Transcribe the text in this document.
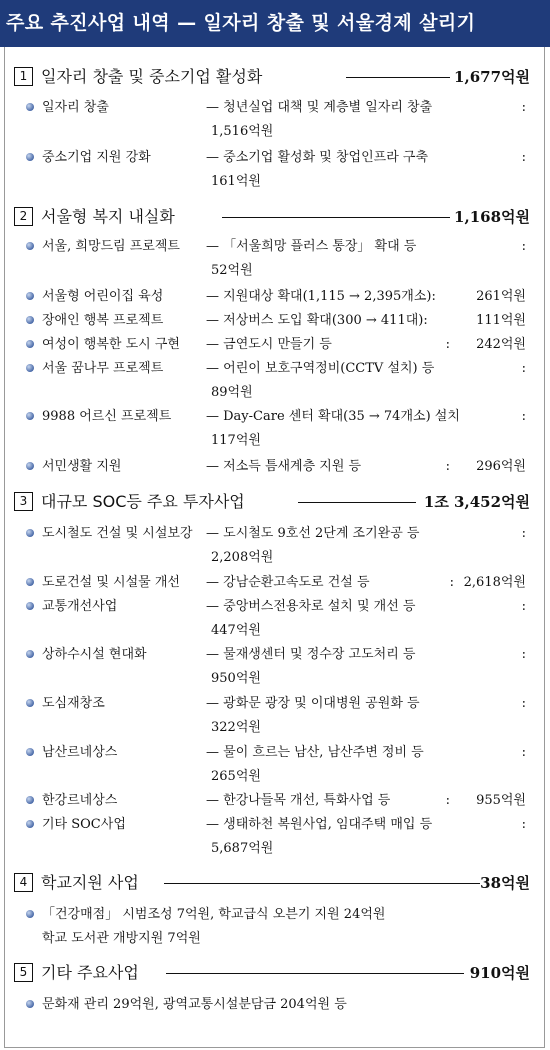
주요 추진사업 내역 — 일자리 창출 및 서울경제 살리기
1 일자리 창출 및 중소기업 활성화	1,677억원
일자리 창출	— 청년실업 대책 및 계층별 일자리 창출	:
1,516억원
중소기업 지원 강화	— 중소기업 활성화 및 창업인프라 구축	:
161억원
2 서울형 복지 내실화	1,168억원
서울, 희망드림 프로젝트 — 「서울희망 플러스 통장」 확대 등	:
52억원
서울형 어린이집 육성	— 지원대상 확대(1,115 → 2,395개소):	261억원
장애인 행복 프로젝트	— 저상버스 도입 확대(300 → 411대):	111억원
여성이 행복한 도시 구현 — 금연도시 만들기 등	: 242억원
서울 꿈나무 프로젝트	— 어린이 보호구역정비(CCTV 설치) 등	:
89억원
9988 어르신 프로젝트	— Day-Care 센터 확대(35 → 74개소) 설치	:
117억원
서민생활 지원	— 저소득 틈새계층 지원 등	: 296억원
3 대규모 SOC등 주요 투자사업	1조 3,452억원
도시철도 건설 및 시설보강 — 도시철도 9호선 2단계 조기완공 등	:
2,208억원
도로건설 및 시설물 개선 — 강남순환고속도로 건설 등	: 2,618억원
교통개선사업	— 중앙버스전용차로 설치 및 개선 등	:
447억원
상하수시설 현대화	— 물재생센터 및 정수장 고도처리 등	:
950억원
도심재창조	— 광화문 광장 및 이대병원 공원화 등	:
322억원
남산르네상스	— 물이 흐르는 남산, 남산주변 정비 등	:
265억원
한강르네상스	— 한강나들목 개선, 특화사업 등	: 955억원
기타 SOC사업	— 생태하천 복원사업, 임대주택 매입 등	:
5,687억원
4 학교지원 사업	38억원
「건강매점」 시범조성 7억원, 학교급식 오븐기 지원 24억원
학교 도서관 개방지원 7억원
5 기타 주요사업	910억원
문화재 관리 29억원, 광역교통시설분담금 204억원 등
